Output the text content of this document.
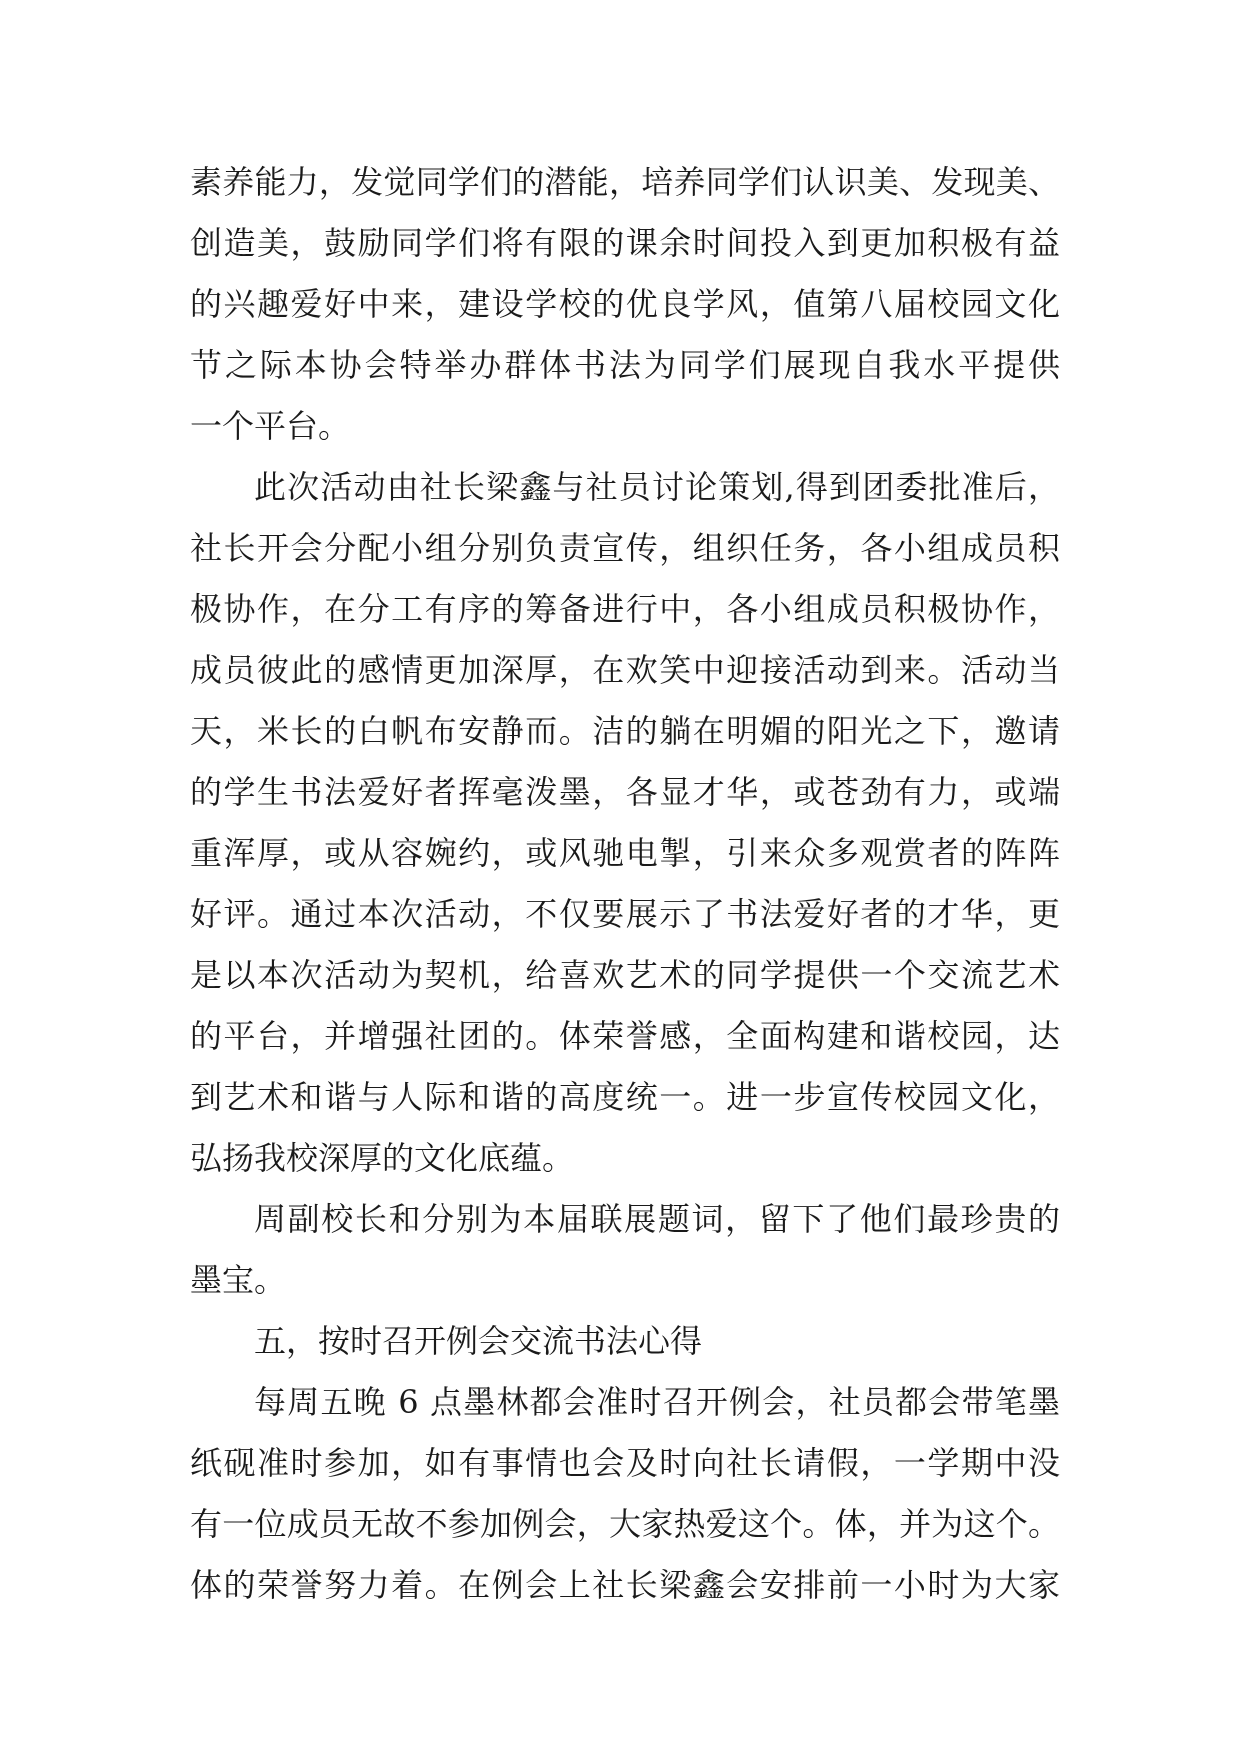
素养能力，发觉同学们的潜能，培养同学们认识美、发现美、
创造美，鼓励同学们将有限的课余时间投入到更加积极有益
的兴趣爱好中来，建设学校的优良学风，值第八届校园文化
节之际本协会特举办群体书法为同学们展现自我水平提供
一个平台。
此次活动由社长梁鑫与社员讨论策划,得到团委批准后，
社长开会分配小组分别负责宣传，组织任务，各小组成员积
极协作，在分工有序的筹备进行中，各小组成员积极协作，
成员彼此的感情更加深厚，在欢笑中迎接活动到来。活动当
天，米长的白帆布安静而。洁的躺在明媚的阳光之下，邀请
的学生书法爱好者挥毫泼墨，各显才华，或苍劲有力，或端
重浑厚，或从容婉约，或风驰电掣，引来众多观赏者的阵阵
好评。通过本次活动，不仅要展示了书法爱好者的才华，更
是以本次活动为契机，给喜欢艺术的同学提供一个交流艺术
的平台，并增强社团的。体荣誉感，全面构建和谐校园，达
到艺术和谐与人际和谐的高度统一。进一步宣传校园文化，
弘扬我校深厚的文化底蕴。
周副校长和分别为本届联展题词，留下了他们最珍贵的
墨宝。
五，按时召开例会交流书法心得
每周五晚 6 点墨林都会准时召开例会，社员都会带笔墨
纸砚准时参加，如有事情也会及时向社长请假，一学期中没
有一位成员无故不参加例会，大家热爱这个。体，并为这个。
体的荣誉努力着。在例会上社长梁鑫会安排前一小时为大家
